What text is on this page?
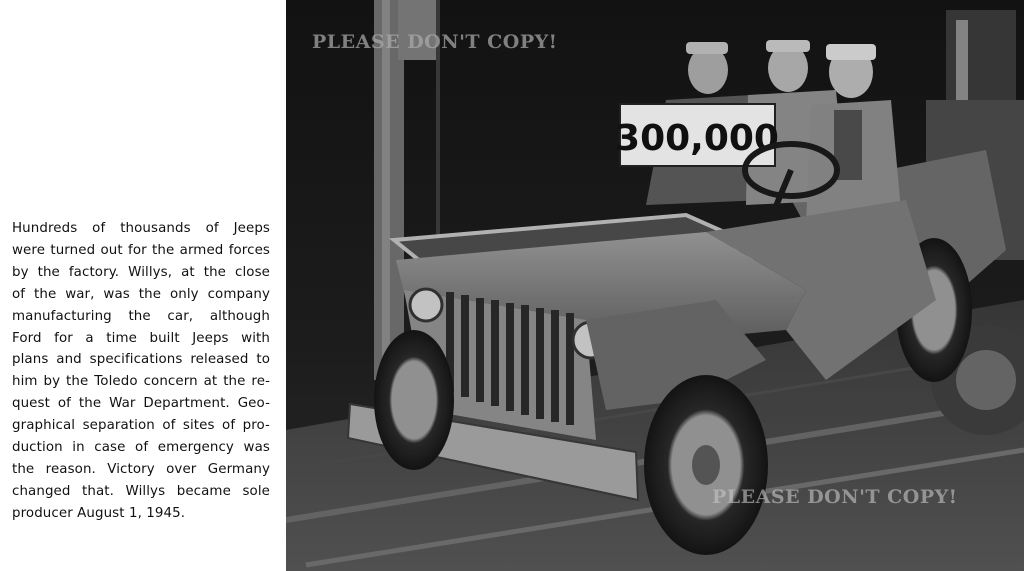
Hundreds of thousands of Jeeps
were turned out for the armed forces
by the factory. Willys, at the close
of the war, was the only company
manufacturing the car, although
Ford for a time built Jeeps with
plans and specifications released to
him by the Toledo concern at the re-
quest of the War Department. Geo-
graphical separation of sites of pro-
duction in case of emergency was
the reason. Victory over Germany
changed that. Willys became sole
producer August 1, 1945.
300,000
PLEASE DON'T COPY!
PLEASE DON'T COPY!
